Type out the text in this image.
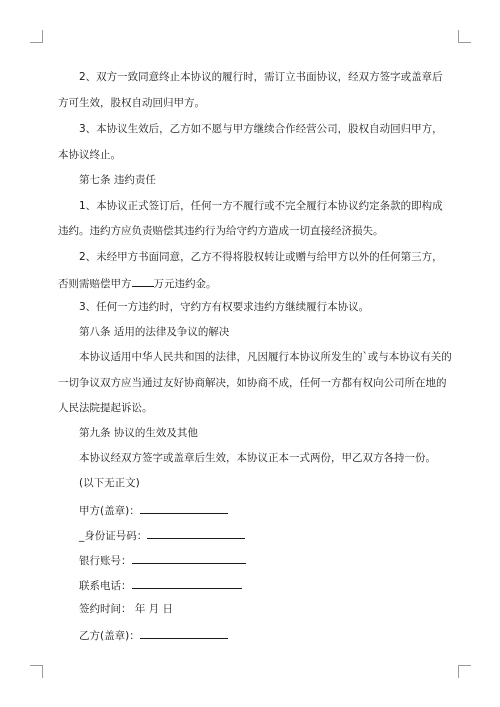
2、双方一致同意终止本协议的履行时，需订立书面协议，经双方签字或盖章后
方可生效，股权自动回归甲方。
3、本协议生效后，乙方如不愿与甲方继续合作经营公司，股权自动回归甲方，
本协议终止。
第七条 违约责任
1、本协议正式签订后，任何一方不履行或不完全履行本协议约定条款的即构成
违约。违约方应负责赔偿其违约行为给守约方造成一切直接经济损失。
2、未经甲方书面同意，乙方不得将股权转让或赠与给甲方以外的任何第三方，
否则需赔偿甲方 万元违约金。
3、任何一方违约时，守约方有权要求违约方继续履行本协议。
第八条 适用的法律及争议的解决
本协议适用中华人民共和国的法律，凡因履行本协议所发生的`或与本协议有关的
一切争议双方应当通过友好协商解决，如协商不成，任何一方都有权向公司所在地的
人民法院提起诉讼。
第九条 协议的生效及其他
本协议经双方签字或盖章后生效，本协议正本一式两份，甲乙双方各持一份。
(以下无正文)
甲方(盖章)：
_身份证号码：
银行账号：
联系电话：
签约时间： 年 月 日
乙方(盖章)：
